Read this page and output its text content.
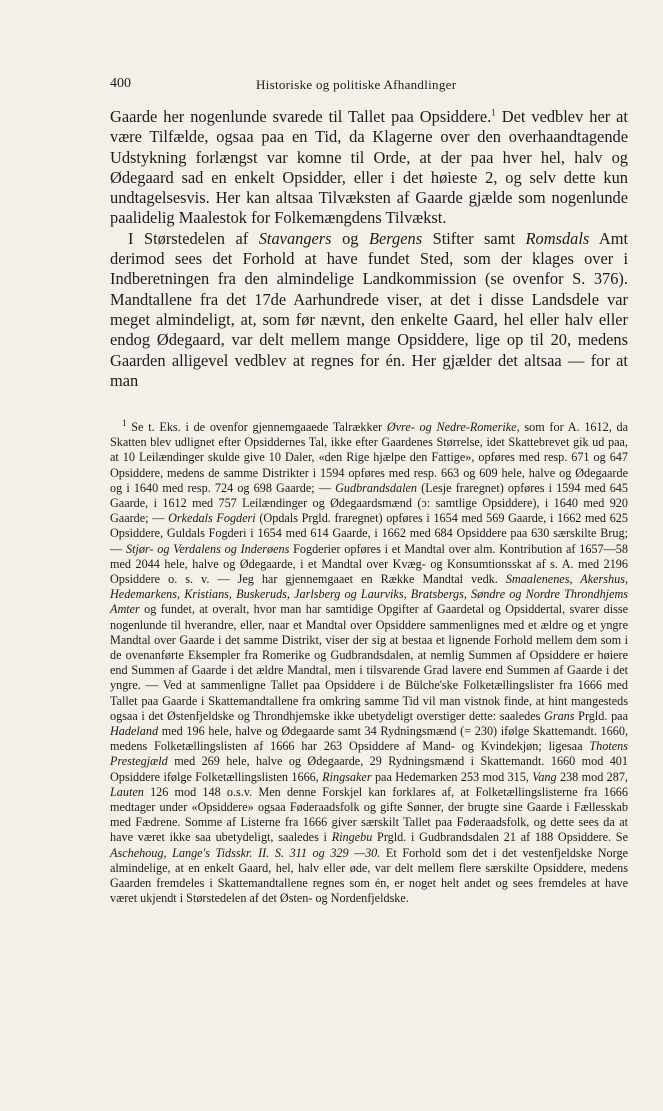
400	Historiske og politiske Afhandlinger

Gaarde her nogenlunde svarede til Tallet paa Opsiddere.$^1$ Det vedblev her at være Tilfælde, ogsaa paa en Tid, da Klagerne over den overhaandtagende Udstykning forlængst var komne til Orde, at der paa hver hel, halv og Ødegaard sad en enkelt Opsidder, eller i det høieste 2, og selv dette kun undtagelsesvis. Her kan altsaa Tilvæksten af Gaarde gjælde som nogenlunde paalidelig Maalestok for Folkemængdens Tilvækst.

I Størstedelen af Stavangers og Bergens Stifter samt Romsdals Amt derimod sees det Forhold at have fundet Sted, som der klages over i Indberetningen fra den almindelige Landkommission (se ovenfor S. 376). Mandtallene fra det 17de Aarhundrede viser, at det i disse Landsdele var meget almindeligt, at, som før nævnt, den enkelte Gaard, hel eller halv eller endog Ødegaard, var delt mellem mange Opsiddere, lige op til 20, medens Gaarden alligevel vedblev at regnes for én. Her gjælder det altsaa — for at man

$^1$ Se t. Eks. i de ovenfor gjennemgaaede Talrækker Øvre- og Nedre-Romerike, som for A. 1612, da Skatten blev udlignet efter Opsiddernes Tal, ikke efter Gaardenes Størrelse, idet Skattebrevet gik ud paa, at 10 Leilændinger skulde give 10 Daler, «den Rige hjælpe den Fattige», opføres med resp. 671 og 647 Opsiddere, medens de samme Distrikter i 1594 opføres med resp. 663 og 609 hele, halve og Ødegaarde og i 1640 med resp. 724 og 698 Gaarde; — Gudbrandsdalen (Lesje fraregnet) opføres i 1594 med 645 Gaarde, i 1612 med 757 Leilændinger og Ødegaardsmænd (ɔ: samtlige Opsiddere), i 1640 med 920 Gaarde; — Orkedals Fogderi (Opdals Prgld. fraregnet) opføres i 1654 med 569 Gaarde, i 1662 med 625 Opsiddere, Guldals Fogderi i 1654 med 614 Gaarde, i 1662 med 684 Opsiddere paa 630 særskilte Brug; — Stjør- og Verdalens og Inderøens Fogderier opføres i et Mandtal over alm. Kontribution af 1657—58 med 2044 hele, halve og Ødegaarde, i et Mandtal over Kvæg- og Konsumtionsskat af s. A. med 2196 Opsiddere o. s. v. — Jeg har gjennemgaaet en Række Mandtal vedk. Smaalenenes, Akershus, Hedemarkens, Kristians, Buskeruds, Jarlsberg og Laurviks, Bratsbergs, Søndre og Nordre Throndhjems Amter og fundet, at overalt, hvor man har samtidige Opgifter af Gaardetal og Opsiddertal, svarer disse nogenlunde til hverandre, eller, naar et Mandtal over Opsiddere sammenlignes med et ældre og et yngre Mandtal over Gaarde i det samme Distrikt, viser der sig at bestaa et lignende Forhold mellem dem som i de ovenanførte Eksempler fra Romerike og Gudbrandsdalen, at nemlig Summen af Opsiddere er høiere end Summen af Gaarde i det ældre Mandtal, men i tilsvarende Grad lavere end Summen af Gaarde i det yngre. — Ved at sammenligne Tallet paa Opsiddere i de Bülche'ske Folketællingslister fra 1666 med Tallet paa Gaarde i Skattemandtallene fra omkring samme Tid vil man vistnok finde, at hint mangesteds ogsaa i det Østenfjeldske og Throndhjemske ikke ubetydeligt overstiger dette: saaledes Grans Prgld. paa Hadeland med 196 hele, halve og Ødegaarde samt 34 Rydningsmænd (= 230) ifølge Skattemandt. 1660, medens Folketællingslisten af 1666 har 263 Opsiddere af Mand- og Kvindekjøn; ligesaa Thotens Prestegjæld med 269 hele, halve og Ødegaarde, 29 Rydningsmænd i Skattemandt. 1660 mod 401 Opsiddere ifølge Folketællingslisten 1666, Ringsaker paa Hedemarken 253 mod 315, Vang 238 mod 287, Lauten 126 mod 148 o.s.v. Men denne Forskjel kan forklares af, at Folketællingslisterne fra 1666 medtager under «Opsiddere» ogsaa Føderaadsfolk og gifte Sønner, der brugte sine Gaarde i Fællesskab med Fædrene. Somme af Listerne fra 1666 giver særskilt Tallet paa Føderaadsfolk, og dette sees da at have været ikke saa ubetydeligt, saaledes i Ringebu Prgld. i Gudbrandsdalen 21 af 188 Opsiddere. Se Aschehoug, Lange's Tidsskr. II. S. 311 og 329 —30. Et Forhold som det i det vestenfjeldske Norge almindelige, at en enkelt Gaard, hel, halv eller øde, var delt mellem flere særskilte Opsiddere, medens Gaarden fremdeles i Skattemandtallene regnes som én, er noget helt andet og sees fremdeles at have været ukjendt i Størstedelen af det Østen- og Nordenfjeldske.
